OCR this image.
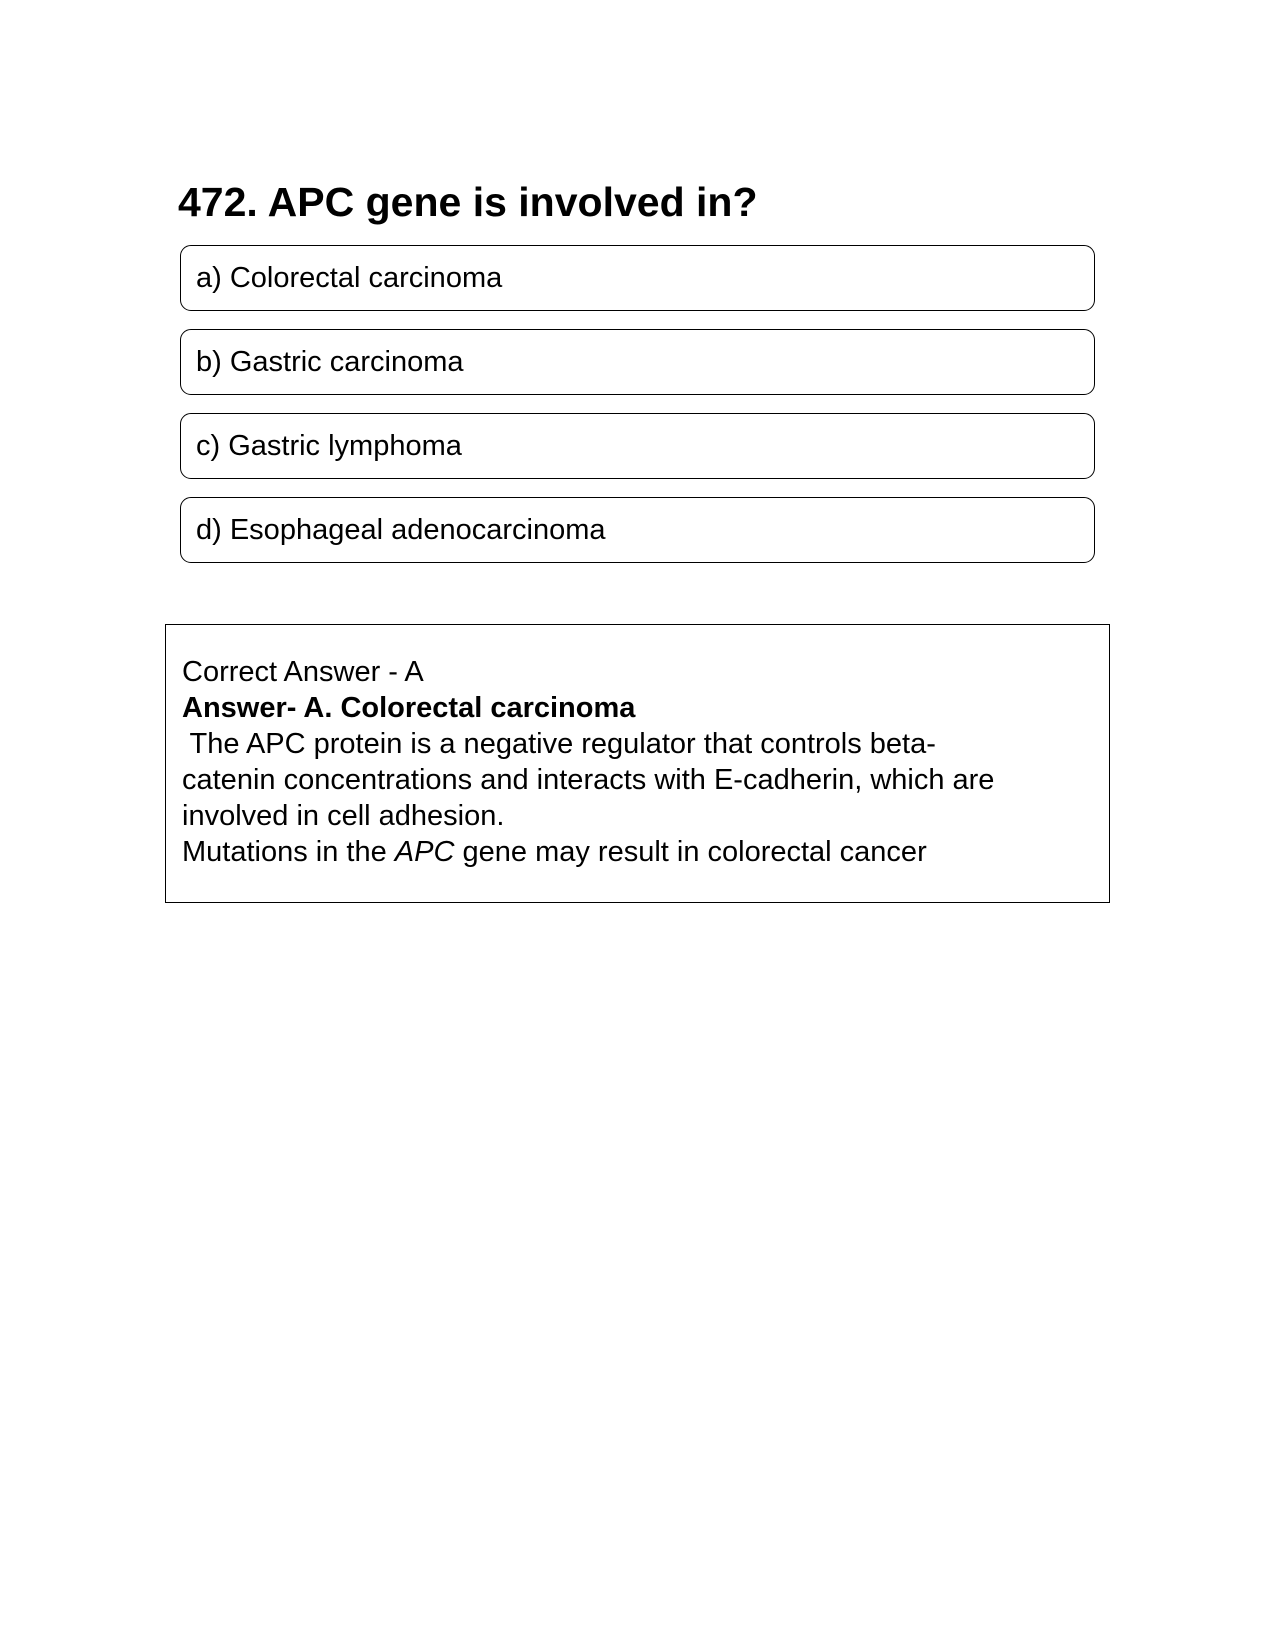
472. APC gene is involved in?
a) Colorectal carcinoma
b) Gastric carcinoma
c) Gastric lymphoma
d) Esophageal adenocarcinoma

Correct Answer - A

Answer- A. Colorectal carcinoma

The APC protein is a negative regulator that controls beta-

catenin concentrations and interacts with E-cadherin, which are

involved in cell adhesion.

Mutations in the APC gene may result in colorectal cancer
